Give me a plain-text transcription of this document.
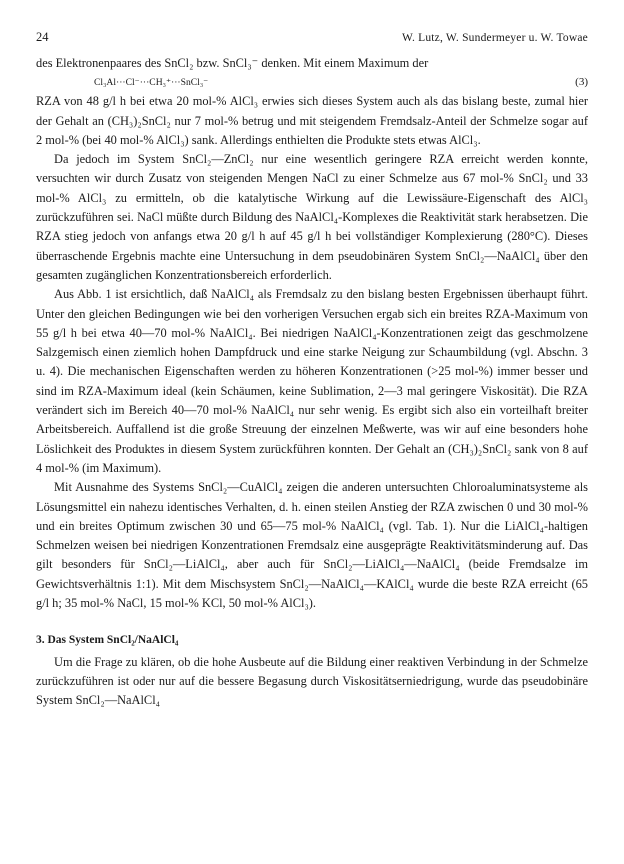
24	W. Lutz, W. Sundermeyer u. W. Towae

des Elektronenpaares des SnCl₂ bzw. SnCl₃⁻ denken. Mit einem Maximum der

Cl₃Al···Cl⁻···CH₃⁺···SnCl₃⁻	(3)

RZA von 48 g/l h bei etwa 20 mol-% AlCl₃ erwies sich dieses System auch als das bislang beste, zumal hier der Gehalt an (CH₃)₂SnCl₂ nur 7 mol-% betrug und mit steigendem Fremdsalz-Anteil der Schmelze sogar auf 2 mol-% (bei 40 mol-% AlCl₃) sank. Allerdings enthielten die Produkte stets etwas AlCl₃.

Da jedoch im System SnCl₂—ZnCl₂ nur eine wesentlich geringere RZA erreicht werden konnte, versuchten wir durch Zusatz von steigenden Mengen NaCl zu einer Schmelze aus 67 mol-% SnCl₂ und 33 mol-% AlCl₃ zu ermitteln, ob die katalytische Wirkung auf die Lewissäure-Eigenschaft des AlCl₃ zurückzuführen sei. NaCl müßte durch Bildung des NaAlCl₄-Komplexes die Reaktivität stark herabsetzen. Die RZA stieg jedoch von anfangs etwa 20 g/l h auf 45 g/l h bei vollständiger Komplexierung (280°C). Dieses überraschende Ergebnis machte eine Untersuchung in dem pseudobinären System SnCl₂—NaAlCl₄ über den gesamten zugänglichen Konzentrationsbereich erforderlich.

Aus Abb. 1 ist ersichtlich, daß NaAlCl₄ als Fremdsalz zu den bislang besten Ergebnissen überhaupt führt. Unter den gleichen Bedingungen wie bei den vorherigen Versuchen ergab sich ein breites RZA-Maximum von 55 g/l h bei etwa 40—70 mol-% NaAlCl₄. Bei niedrigen NaAlCl₄-Konzentrationen zeigt das geschmolzene Salzgemisch einen ziemlich hohen Dampfdruck und eine starke Neigung zur Schaumbildung (vgl. Abschn. 3 u. 4). Die mechanischen Eigenschaften werden zu höheren Konzentrationen (>25 mol-%) immer besser und sind im RZA-Maximum ideal (kein Schäumen, keine Sublimation, 2—3 mal geringere Viskosität). Die RZA verändert sich im Bereich 40—70 mol-% NaAlCl₄ nur sehr wenig. Es ergibt sich also ein vorteilhaft breiter Arbeitsbereich. Auffallend ist die große Streuung der einzelnen Meßwerte, was wir auf eine besonders hohe Löslichkeit des Produktes in diesem System zurückführen konnten. Der Gehalt an (CH₃)₂SnCl₂ sank von 8 auf 4 mol-% (im Maximum).

Mit Ausnahme des Systems SnCl₂—CuAlCl₄ zeigen die anderen untersuchten Chloroaluminatsysteme als Lösungsmittel ein nahezu identisches Verhalten, d. h. einen steilen Anstieg der RZA zwischen 0 und 30 mol-% und ein breites Optimum zwischen 30 und 65—75 mol-% NaAlCl₄ (vgl. Tab. 1). Nur die LiAlCl₄-haltigen Schmelzen weisen bei niedrigen Konzentrationen Fremdsalz eine ausgeprägte Reaktivitätsminderung auf. Das gilt besonders für SnCl₂—LiAlCl₄, aber auch für SnCl₂—LiAlCl₄—NaAlCl₄ (beide Fremdsalze im Gewichtsverhältnis 1:1). Mit dem Mischsystem SnCl₂—NaAlCl₄—KAlCl₄ wurde die beste RZA erreicht (65 g/l h; 35 mol-% NaCl, 15 mol-% KCl, 50 mol-% AlCl₃).

3. Das System SnCl₂/NaAlCl₄

Um die Frage zu klären, ob die hohe Ausbeute auf die Bildung einer reaktiven Verbindung in der Schmelze zurückzuführen ist oder nur auf die bessere Begasung durch Viskositätserniedrigung, wurde das pseudobinäre System SnCl₂—NaAlCl₄
